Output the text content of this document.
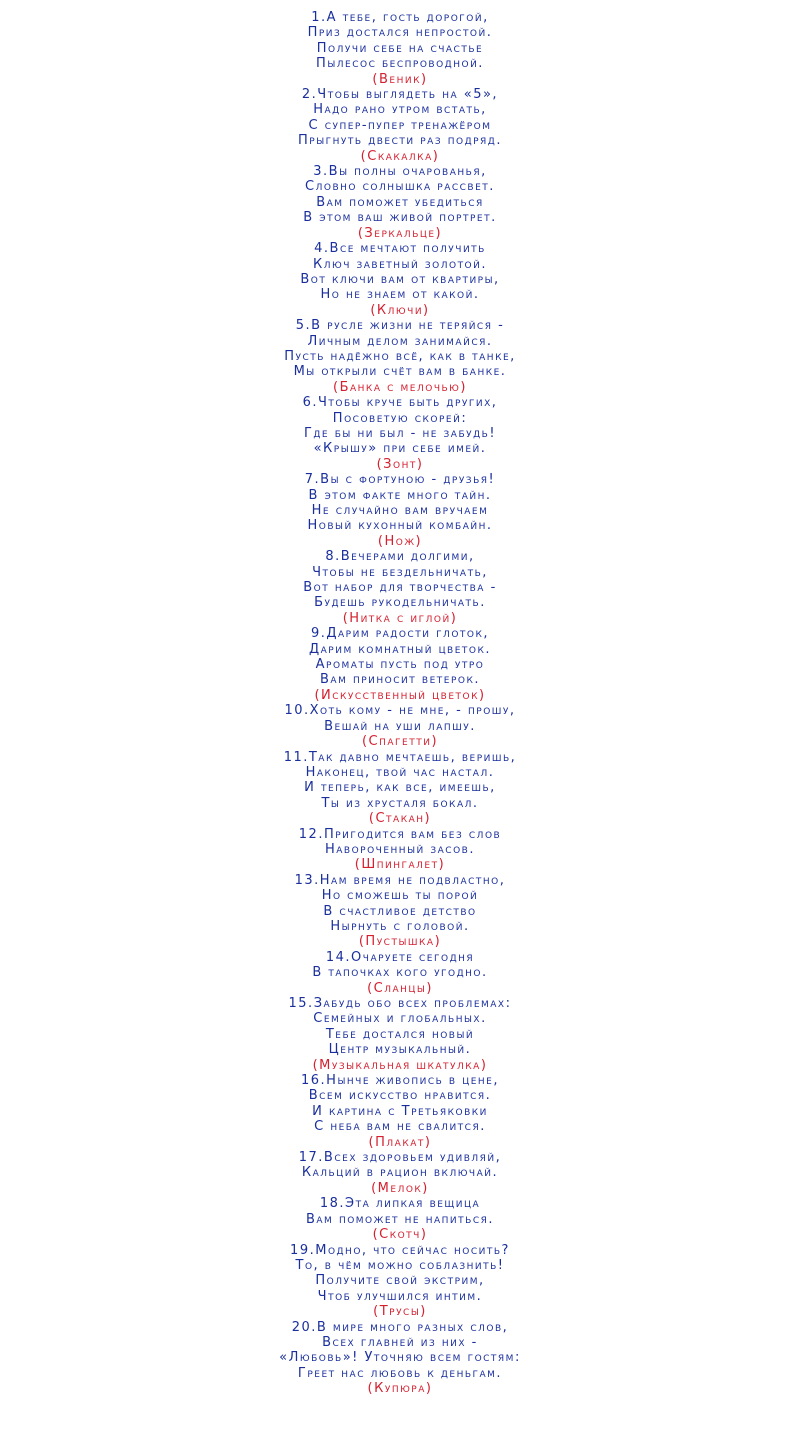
1.А тебе, гость дорогой,
Приз достался непростой.
Получи себе на счастье
Пылесос беспроводной.
(Веник)
2.Чтобы выглядеть на «5»,
Надо рано утром встать,
С супер-пупер тренажёром
Прыгнуть двести раз подряд.
(Скакалка)
3.Вы полны очарованья,
Словно солнышка рассвет.
Вам поможет убедиться
В этом ваш живой портрет.
(Зеркальце)
4.Все мечтают получить
Ключ заветный золотой.
Вот ключи вам от квартиры,
Но не знаем от какой.
(Ключи)
5.В русле жизни не теряйся -
Личным делом занимайся.
Пусть надёжно всё, как в танке,
Мы открыли счёт вам в банке.
(Банка с мелочью)
6.Чтобы круче быть других,
Посоветую скорей:
Где бы ни был - не забудь!
«Крышу» при себе имей.
(Зонт)
7.Вы с фортуною - друзья!
В этом факте много тайн.
Не случайно вам вручаем
Новый кухонный комбайн.
(Нож)
8.Вечерами долгими,
Чтобы не бездельничать,
Вот набор для творчества -
Будешь рукодельничать.
(Нитка с иглой)
9.Дарим радости глоток,
Дарим комнатный цветок.
Ароматы пусть под утро
Вам приносит ветерок.
(Искусственный цветок)
10.Хоть кому - не мне, - прошу,
Вешай на уши лапшу.
(Спагетти)
11.Так давно мечтаешь, веришь,
Наконец, твой час настал.
И теперь, как все, имеешь,
Ты из хрусталя бокал.
(Стакан)
12.Пригодится вам без слов
Навороченный засов.
(Шпингалет)
13.Нам время не подвластно,
Но сможешь ты порой
В счастливое детство
Нырнуть с головой.
(Пустышка)
14.Очаруете сегодня
В тапочках кого угодно.
(Сланцы)
15.Забудь обо всех проблемах:
Семейных и глобальных.
Тебе достался новый
Центр музыкальный.
(Музыкальная шкатулка)
16.Нынче живопись в цене,
Всем искусство нравится.
И картина с Третьяковки
С неба вам не свалится.
(Плакат)
17.Всех здоровьем удивляй,
Кальций в рацион включай.
(Мелок)
18.Эта липкая вещица
Вам поможет не напиться.
(Скотч)
19.Модно, что сейчас носить?
То, в чём можно соблазнить!
Получите свой экстрим,
Чтоб улучшился интим.
(Трусы)
20.В мире много разных слов,
Всех главней из них -
«Любовь»! Уточняю всем гостям:
Греет нас любовь к деньгам.
(Купюра)
